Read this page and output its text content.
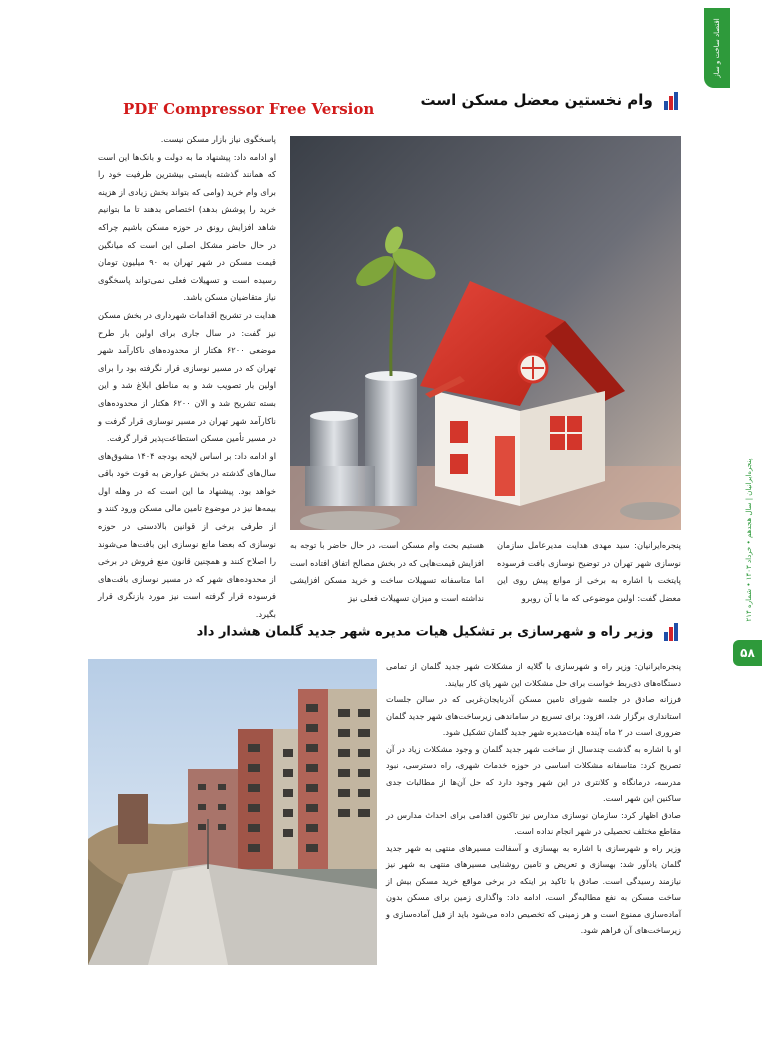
PDF Compressor Free Version
اقتصاد ساخت و ساز
پنجره‌ایرانیان | سال هجدهم • خرداد ۱۴۰۳ • شماره ۲۱۴
۵۸
وام نخستین معضل مسکن است

پاسخگوی نیاز بازار مسکن نیست.

او ادامه داد: پیشنهاد ما به دولت و بانک‌ها این است که همانند گذشته بایستی بیشترین ظرفیت خود را برای وام خرید (وامی که بتواند بخش زیادی از هزینه خرید را پوشش بدهد) اختصاص بدهند تا ما بتوانیم شاهد افزایش رونق در حوزه مسکن باشیم چراکه در حال حاضر مشکل اصلی این است که میانگین قیمت مسکن در شهر تهران به ۹۰ میلیون تومان رسیده است و تسهیلات فعلی نمی‌تواند پاسخگوی نیاز متقاضیان مسکن باشد.

هدایت در تشریح اقدامات شهرداری در بخش مسکن نیز گفت: در سال جاری برای اولین بار طرح موضعی ۶۲۰۰ هکتار از محدوده‌های ناکارآمد شهر تهران که در مسیر نوسازی قرار نگرفته بود را برای اولین بار تصویب شد و به مناطق ابلاغ شد و این بسته تشریح شد و الان ۶۲۰۰ هکتار از محدوده‌های ناکارآمد شهر تهران در مسیر نوسازی قرار گرفت و در مسیر تأمین مسکن استطاعت‌پذیر قرار گرفت.

او ادامه داد: بر اساس لایحه بودجه ۱۴۰۴ مشوق‌های سال‌های گذشته در بخش عوارض به قوت خود باقی خواهد بود. پیشنهاد ما این است که در وهله اول بیمه‌ها نیز در موضوع تامین مالی مسکن ورود کنند و از طرفی برخی از قوانین بالادستی در حوزه نوسازی که بعضا مانع نوسازی این بافت‌ها می‌شوند را اصلاح کنند و همچنین قانون منع فروش در برخی از محدوده‌های شهر که در مسیر نوسازی بافت‌های فرسوده قرار گرفته است نیز مورد بازنگری قرار بگیرد.

پنجره‌ایرانیان: سید مهدی هدایت مدیرعامل سازمان نوسازی شهر تهران در توضیح نوسازی بافت فرسوده پایتخت با اشاره به برخی از موانع پیش روی این معضل گفت: اولین موضوعی که ما با آن روبرو

هستیم بحث وام مسکن است، در حال حاضر با توجه به افزایش قیمت‌هایی که در بخش مصالح اتفاق افتاده است اما متاسفانه تسهیلات ساخت و خرید مسکن افزایشی نداشته است و میزان تسهیلات فعلی نیز

وزیر راه و شهرسازی بر تشکیل هیات مدیره شهر جدید گلمان هشدار داد

پنجره‌ایرانیان: وزیر راه و شهرسازی با گلایه از مشکلات شهر جدید گلمان از تمامی دستگاه‌های ذی‌ربط خواست برای حل مشکلات این شهر پای کار بیایند.

فرزانه صادق در جلسه شورای تامین مسکن آذربایجان‌غربی که در سالن جلسات استانداری برگزار شد، افزود: برای تسریع در ساماندهی زیرساخت‌های شهر جدید گلمان ضروری است در ۲ ماه آینده هیات‌مدیره شهر جدید گلمان تشکیل شود.

او با اشاره به گذشت چندسال از ساخت شهر جدید گلمان و وجود مشکلات زیاد در آن تصریح کرد: متاسفانه مشکلات اساسی در حوزه خدمات شهری، راه دسترسی، نبود مدرسه، درمانگاه و کلانتری در این شهر وجود دارد که حل آن‌ها از مطالبات جدی ساکنین این شهر است.

صادق اظهار کرد: سازمان نوسازی مدارس نیز تاکنون اقدامی برای احداث مدارس در مقاطع مختلف تحصیلی در شهر انجام نداده است.

وزیر راه و شهرسازی با اشاره به بهسازی و آسفالت مسیرهای منتهی به شهر جدید گلمان یادآور شد: بهسازی و تعریض و تامین روشنایی مسیرهای منتهی به شهر نیز نیازمند رسیدگی است. صادق با تاکید بر اینکه در برخی مواقع خرید مسکن بیش از ساخت مسکن به نفع مطالبه‌گر است، ادامه داد: واگذاری زمین برای مسکن بدون آماده‌سازی ممنوع است و هر زمینی که تخصیص داده می‌شود باید از قبل آماده‌سازی و زیرساخت‌های آن فراهم شود.
